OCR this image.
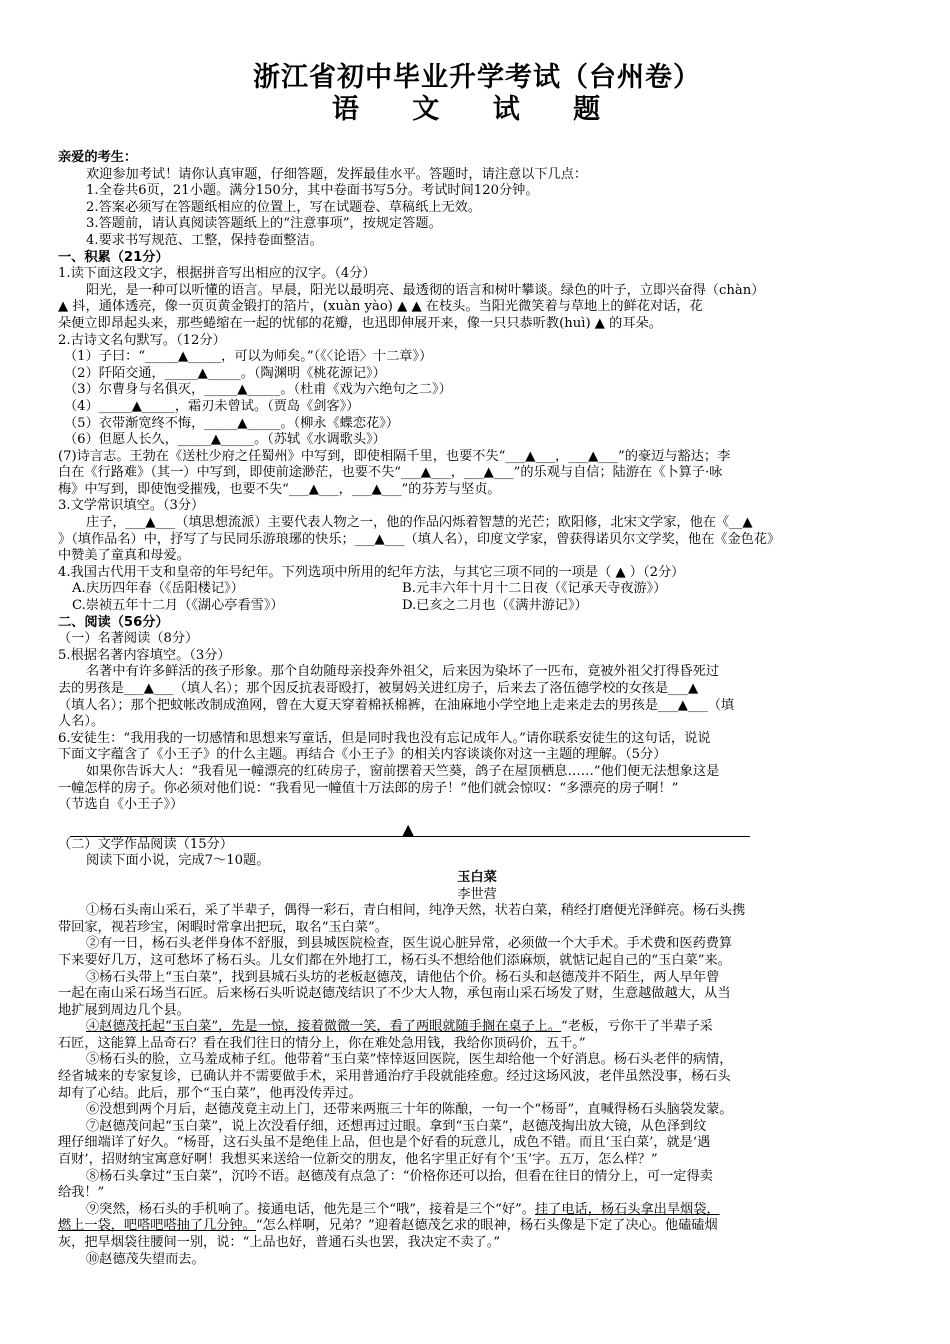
浙江省初中毕业升学考试（台州卷）
语 文 试 题
亲爱的考生：
欢迎参加考试！请你认真审题，仔细答题，发挥最佳水平。答题时，请注意以下几点：
1.全卷共6页，21小题。满分150分，其中卷面书写5分。考试时间120分钟。
2.答案必须写在答题纸相应的位置上，写在试题卷、草稿纸上无效。
3.答题前，请认真阅读答题纸上的“注意事项”，按规定答题。
4.要求书写规范、工整，保持卷面整洁。
一、积累（21分）
1.读下面这段文字，根据拼音写出相应的汉字。（4分）
阳光，是一种可以听懂的语言。早晨，阳光以最明亮、最透彻的语言和树叶攀谈。绿色的叶子，立即兴奋得（chàn）
▲ 抖，通体透亮，像一页页黄金锻打的箔片，(xuàn yào) ▲ ▲ 在枝头。当阳光微笑着与草地上的鲜花对话，花
朵便立即昂起头来，那些蜷缩在一起的忧郁的花瓣，也迅即伸展开来，像一只只恭听教(huì) ▲ 的耳朵。
2.古诗文名句默写。（12分）
（1）子曰：“_____▲_____，可以为师矣。”（《〈论语〉十二章》）
（2）阡陌交通，_____▲_____。（陶渊明《桃花源记》）
（3）尔曹身与名俱灭，_____▲_____。（杜甫《戏为六绝句之二》）
（4）_____▲_____，霜刃未曾试。（贾岛《剑客》）
（5）衣带渐宽终不悔，_____▲_____。（柳永《蝶恋花》）
（6）但愿人长久，_____▲_____。（苏轼《水调歌头》）
(7)诗言志。王勃在《送杜少府之任蜀州》中写到，即使相隔千里，也要不失“___▲___，___▲___”的豪迈与豁达；李
白在《行路难》（其一）中写到，即使前途渺茫，也要不失“___▲___，___▲___”的乐观与自信；陆游在《卜算子·咏
梅》中写到，即使饱受摧残，也要不失“___▲___，___▲___”的芬芳与坚贞。
3.文学常识填空。（3分）
庄子，___▲___（填思想流派）主要代表人物之一，他的作品闪烁着智慧的光芒；欧阳修，北宋文学家，他在《__▲
》（填作品名）中，抒写了与民同乐游琅琊的快乐；___▲___（填人名），印度文学家，曾获得诺贝尔文学奖，他在《金色花》
中赞美了童真和母爱。
4.我国古代用干支和皇帝的年号纪年。下列选项中所用的纪年方法，与其它三项不同的一项是（ ▲ ）（2分）
A.庆历四年春（《岳阳楼记》）	B.元丰六年十月十二日夜（《记承天寺夜游》）
C.崇祯五年十二月（《湖心亭看雪》）	D.已亥之二月也（《满井游记》）
二、阅读（56分）
（一）名著阅读（8分）
5.根据名著内容填空。（3分）
名著中有许多鲜活的孩子形象。那个自幼随母亲投奔外祖父，后来因为染坏了一匹布，竟被外祖父打得昏死过
去的男孩是___▲___（填人名）；那个因反抗表哥殴打，被舅妈关进红房子，后来去了洛伍德学校的女孩是___▲
（填人名）；那个把蚊帐改制成渔网，曾在大夏天穿着棉袄棉裤，在油麻地小学空地上走来走去的男孩是___▲___（填
人名）。
6.安徒生：“我用我的一切感情和思想来写童话，但是同时我也没有忘记成年人。”请你联系安徒生的这句话，说说
下面文字蕴含了《小王子》的什么主题。再结合《小王子》的相关内容谈谈你对这一主题的理解。（5分）
如果你告诉大人：“我看见一幢漂亮的红砖房子，窗前摆着天竺葵，鸽子在屋顶栖息……”他们便无法想象这是
一幢怎样的房子。你必须对他们说：“我看见一幢值十万法郎的房子！”他们就会惊叹：“多漂亮的房子啊！”
（节选自《小王子》）
▲
（二）文学作品阅读（15分）
阅读下面小说，完成7～10题。
玉白菜
李世营
①杨石头南山采石，采了半辈子，偶得一彩石，青白相间，纯净天然，状若白菜，稍经打磨便光泽鲜亮。杨石头携
带回家，视若珍宝，闲暇时常拿出把玩，取名“玉白菜”。
②有一日，杨石头老伴身体不舒服，到县城医院检查，医生说心脏异常，必须做一个大手术。手术费和医药费算
下来要好几万，这可愁坏了杨石头。儿女们都在外地打工，杨石头不想给他们添麻烦，就惦记起自己的“玉白菜”来。
③杨石头带上“玉白菜”，找到县城石头坊的老板赵德茂，请他估个价。杨石头和赵德茂并不陌生，两人早年曾
一起在南山采石场当石匠。后来杨石头听说赵德茂结识了不少大人物，承包南山采石场发了财，生意越做越大，从当
地扩展到周边几个县。
④赵德茂托起“玉白菜”，先是一惊，接着微微一笑，看了两眼就随手搁在桌子上。“老板，亏你干了半辈子采
石匠，这能算上品奇石？看在我们往日的情分上，你在难处急用钱，我给你顶码价，五千。”
⑤杨石头的脸，立马羞成柿子红。他带着“玉白菜”悻悻返回医院，医生却给他一个好消息。杨石头老伴的病情，
经省城来的专家复诊，已确认并不需要做手术，采用普通治疗手段就能痊愈。经过这场风波，老伴虽然没事，杨石头
却有了心结。此后，那个“玉白菜”，他再没传弄过。
⑥没想到两个月后，赵德茂竟主动上门，还带来两瓶三十年的陈酿，一句一个“杨哥”，直喊得杨石头脑袋发蒙。
⑦赵德茂问起“玉白菜”，说上次没看仔细，还想再过过眼。拿到“玉白菜”，赵德茂掏出放大镜，从色泽到纹
理仔细端详了好久。“杨哥，这石头虽不是绝佳上品，但也是个好看的玩意儿，成色不错。而且‘玉白菜’，就是‘遇
百财’，招财纳宝寓意好啊！我想买来送给一位新交的朋友，他名字里正好有个‘玉’字。五万，怎么样？”
⑧杨石头拿过“玉白菜”，沉吟不语。赵德茂有点急了：“价格你还可以抬，但看在往日的情分上，可一定得卖
给我！”
⑨突然，杨石头的手机响了。接通电话，他先是三个“哦”，接着是三个“好”。挂了电话，杨石头拿出旱烟袋，
燃上一袋，吧嗒吧嗒抽了几分钟。“怎么样啊，兄弟？”迎着赵德茂乞求的眼神，杨石头像是下定了决心。他磕磕烟
灰，把旱烟袋往腰间一别，说：“上品也好，普通石头也罢，我决定不卖了。”
⑩赵德茂失望而去。
